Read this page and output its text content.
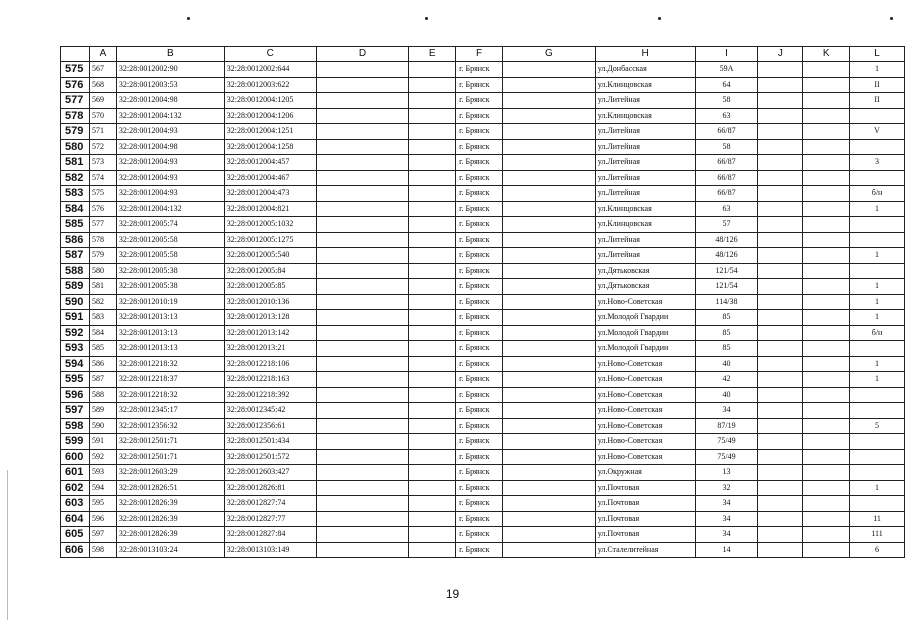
	A	B	C	D	E	F	G	H	I	J	K	L
575	567	32:28:0012002:90	32:28:0012002:644			г. Брянск		ул.Донбасская	59А			1
576	568	32:28:0012003:53	32:28:0012003:622			г. Брянск		ул.Клинцовская	64			II
577	569	32:28:0012004:98	32:28:0012004:1205			г. Брянск		ул.Литейная	58			II
578	570	32:28:0012004:132	32:28:0012004:1206			г. Брянск		ул.Клинцовская	63			
579	571	32:28:0012004:93	32:28:0012004:1251			г. Брянск		ул.Литейная	66/87			V
580	572	32:28:0012004:98	32:28:0012004:1258			г. Брянск		ул.Литейная	58			
581	573	32:28:0012004:93	32:28:0012004:457			г. Брянск		ул.Литейная	66/87			3
582	574	32:28:0012004:93	32:28:0012004:467			г. Брянск		ул.Литейная	66/87			
583	575	32:28:0012004:93	32:28:0012004:473			г. Брянск		ул.Литейная	66/87			б/н
584	576	32:28:0012004:132	32:28:0012004:821			г. Брянск		ул.Клинцовская	63			1
585	577	32:28:0012005:74	32:28:0012005:1032			г. Брянск		ул.Клинцовская	57			
586	578	32:28:0012005:58	32:28:0012005:1275			г. Брянск		ул.Литейная	48/126			
587	579	32:28:0012005:58	32:28:0012005:540			г. Брянск		ул.Литейная	48/126			1
588	580	32:28:0012005:38	32:28:0012005:84			г. Брянск		ул.Дятьковская	121/54			
589	581	32:28:0012005:38	32:28:0012005:85			г. Брянск		ул.Дятьковская	121/54			1
590	582	32:28:0012010:19	32:28:0012010:136			г. Брянск		ул.Ново-Советская	114/38			1
591	583	32:28:0012013:13	32:28:0012013:128			г. Брянск		ул.Молодой Гвардии	85			1
592	584	32:28:0012013:13	32:28:0012013:142			г. Брянск		ул.Молодой Гвардии	85			б/н
593	585	32:28:0012013:13	32:28:0012013:21			г. Брянск		ул.Молодой Гвардии	85			
594	586	32:28:0012218:32	32:28:0012218:106			г. Брянск		ул.Ново-Советская	40			1
595	587	32:28:0012218:37	32:28:0012218:163			г. Брянск		ул.Ново-Советская	42			1
596	588	32:28:0012218:32	32:28:0012218:392			г. Брянск		ул.Ново-Советская	40			
597	589	32:28:0012345:17	32:28:0012345:42			г. Брянск		ул.Ново-Советская	34			
598	590	32:28:0012356:32	32:28:0012356:61			г. Брянск		ул.Ново-Советская	87/19			5
599	591	32:28:0012501:71	32:28:0012501:434			г. Брянск		ул.Ново-Советская	75/49			
600	592	32:28:0012501:71	32:28:0012501:572			г. Брянск		ул.Ново-Советская	75/49			
601	593	32:28:0012603:29	32:28:0012603:427			г. Брянск		ул.Окружная	13			
602	594	32:28:0012826:51	32:28:0012826:81			г. Брянск		ул.Почтовая	32			1
603	595	32:28:0012826:39	32:28:0012827:74			г. Брянск		ул.Почтовая	34			
604	596	32:28:0012826:39	32:28:0012827:77			г. Брянск		ул.Почтовая	34			11
605	597	32:28:0012826:39	32:28:0012827:84			г. Брянск		ул.Почтовая	34			111
606	598	32:28:0013103:24	32:28:0013103:149			г. Брянск		ул.Сталелитейная	14			6
19
